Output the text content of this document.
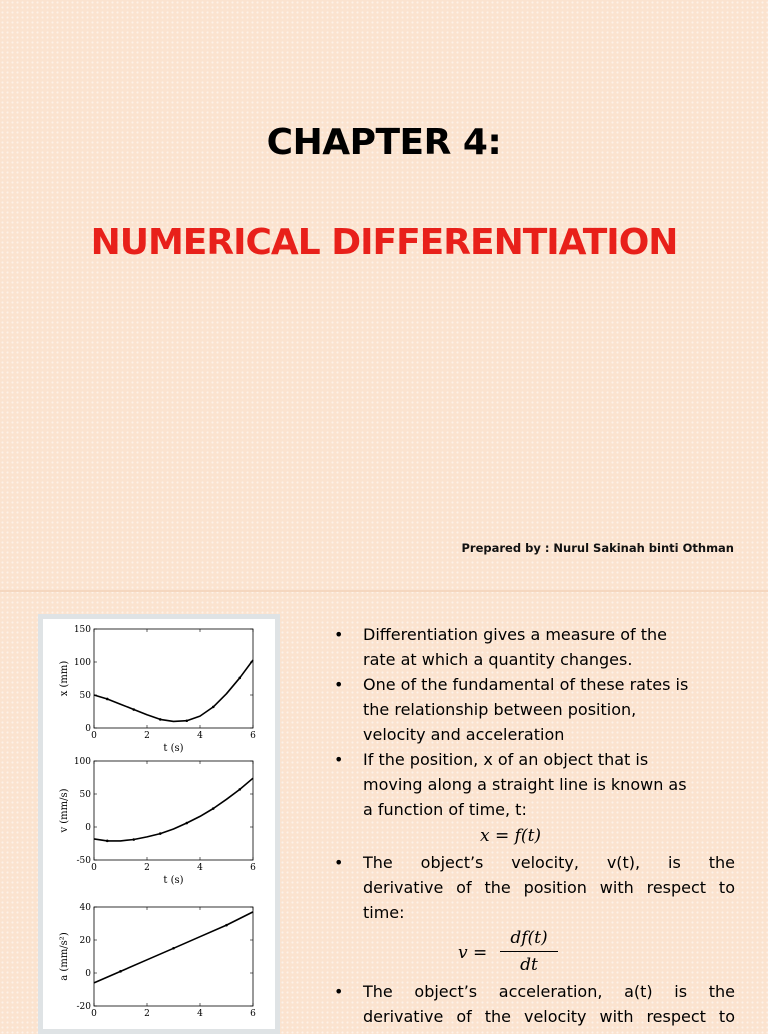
CHAPTER 4:
NUMERICAL DIFFERENTIATION
Prepared by : Nurul Sakinah binti Othman
0	2	4	6
0
50
100
150
t (s)
x (mm)
0	2	4	6
-50
0
50
100
t (s)
v (mm/s)
0	2	4	6
-20
0
20
40
a (mm/s²)
• Differentiation gives a measure of the
rate at which a quantity changes.
• One of the fundamental of these rates is
the relationship between position,
velocity and acceleration
• If the position, x of an object that is
moving along a straight line is known as
a function of time, t:
x = f(t)
• The object’s velocity, v(t), is the
derivative of the position with respect to
time:
v =
df(t)
dt
• The object’s acceleration, a(t) is the
derivative of the velocity with respect to
